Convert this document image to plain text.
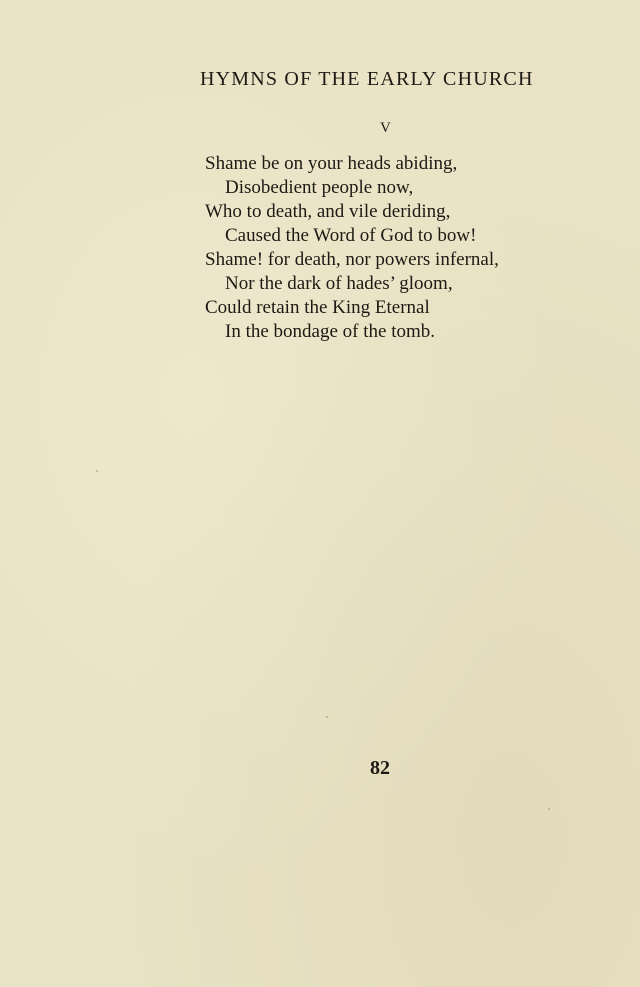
HYMNS OF THE EARLY CHURCH

V

Shame be on your heads abiding,
Disobedient people now,
Who to death, and vile deriding,
Caused the Word of God to bow!
Shame! for death, nor powers infernal,
Nor the dark of hades’ gloom,
Could retain the King Eternal
In the bondage of the tomb.

82
